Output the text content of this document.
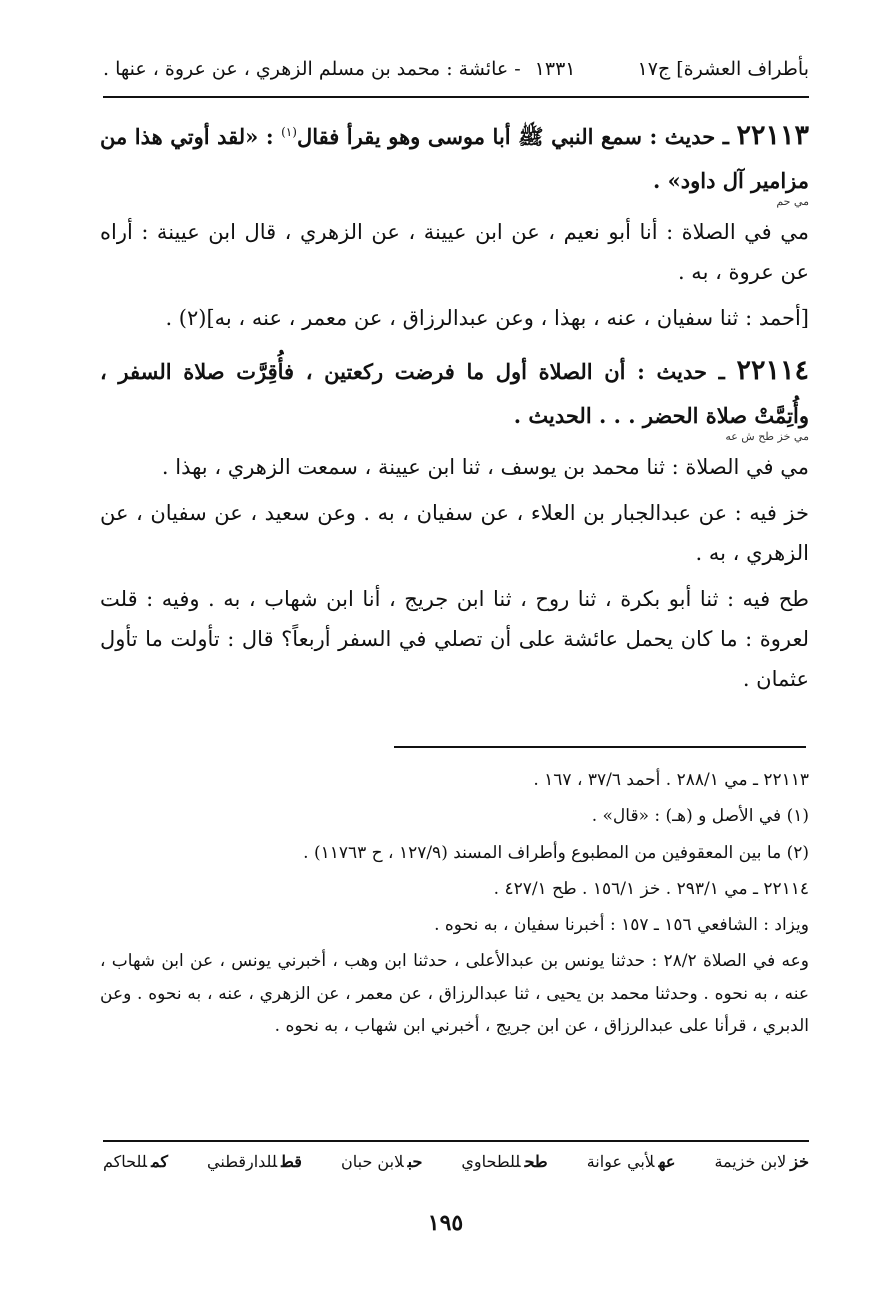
بأطراف العشرة] ج١٧
١٣٣١
- عائشة : محمد بن مسلم الزهري ، عن عروة ، عنها .

٢٢١١٣ ـ حديث : سمع النبي ﷺ أبا موسى وهو يقرأ فقال$^{(١)}$ : «لقد أوتي هذا من مزامير آل داود» .
مي حم

مي في الصلاة : أنا أبو نعيم ، عن ابن عيينة ، عن الزهري ، قال ابن عيينة : أراه عن عروة ، به .

[أحمد : ثنا سفيان ، عنه ، بهذا ، وعن عبدالرزاق ، عن معمر ، عنه ، به](٢) .

٢٢١١٤ ـ حديث : أن الصلاة أول ما فرضت ركعتين ، فأُقِرَّت صلاة السفر ، وأُتِمَّتْ صلاة الحضر . . . الحديث .
مي خز طح ش عه

مي في الصلاة : ثنا محمد بن يوسف ، ثنا ابن عيينة ، سمعت الزهري ، بهذا .

خز فيه : عن عبدالجبار بن العلاء ، عن سفيان ، به . وعن سعيد ، عن سفيان ، عن الزهري ، به .

طح فيه : ثنا أبو بكرة ، ثنا روح ، ثنا ابن جريج ، أنا ابن شهاب ، به . وفيه : قلت لعروة : ما كان يحمل عائشة على أن تصلي في السفر أربعاً؟ قال : تأولت ما تأول عثمان .

٢٢١١٣ ـ مي ٢٨٨/١ . أحمد ٣٧/٦ ، ١٦٧ .

(١) في الأصل و (هـ) : «قال» .

(٢) ما بين المعقوفين من المطبوع وأطراف المسند (١٢٧/٩ ، ح ١١٧٦٣) .

٢٢١١٤ ـ مي ٢٩٣/١ . خز ١٥٦/١ . طح ٤٢٧/١ .

ويزاد : الشافعي ١٥٦ ـ ١٥٧ : أخبرنا سفيان ، به نحوه .

وعه في الصلاة ٢٨/٢ : حدثنا يونس بن عبدالأعلى ، حدثنا ابن وهب ، أخبرني يونس ، عن ابن شهاب ، عنه ، به نحوه . وحدثنا محمد بن يحيى ، ثنا عبدالرزاق ، عن معمر ، عن الزهري ، عنه ، به نحوه . وعن الدبري ، قرأنا على عبدالرزاق ، عن ابن جريج ، أخبرني ابن شهاب ، به نحوه .

خزلابن خزيمة
عهلأبي عوانة
طحللطحاوي
حبلابن حبان
قطللدارقطني
كمللحاكم
١٩٥
